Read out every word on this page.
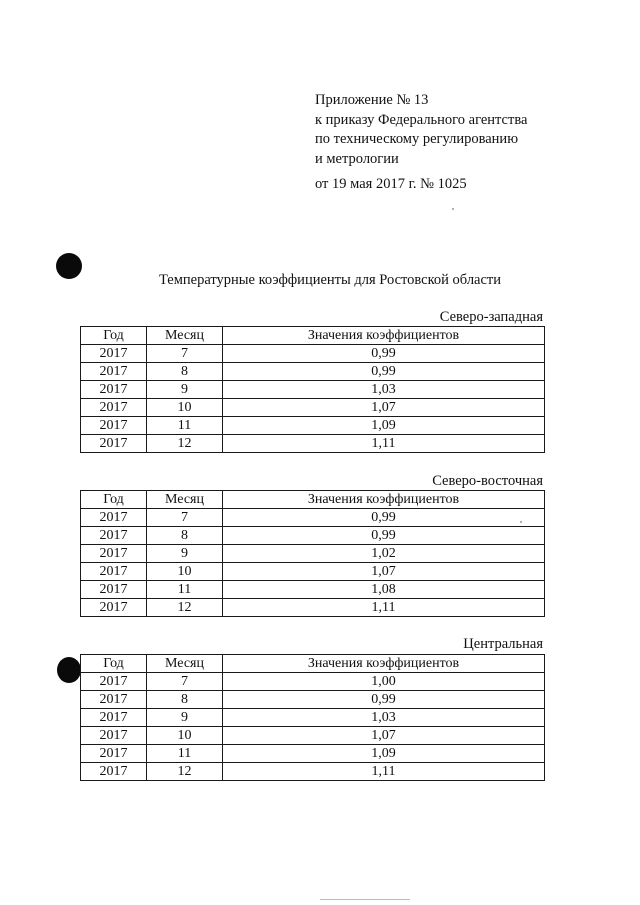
Приложение № 13
к приказу Федерального агентства
по техническому регулированию
и метрологии
от 19 мая 2017 г. № 1025
Температурные коэффициенты для Ростовской области
Северо-западная
Год	Месяц	Значения коэффициентов
2017	7	0,99
2017	8	0,99
2017	9	1,03
2017	10	1,07
2017	11	1,09
2017	12	1,11
Северо-восточная
Год	Месяц	Значения коэффициентов
2017	7	0,99
2017	8	0,99
2017	9	1,02
2017	10	1,07
2017	11	1,08
2017	12	1,11
Центральная
Год	Месяц	Значения коэффициентов
2017	7	1,00
2017	8	0,99
2017	9	1,03
2017	10	1,07
2017	11	1,09
2017	12	1,11
